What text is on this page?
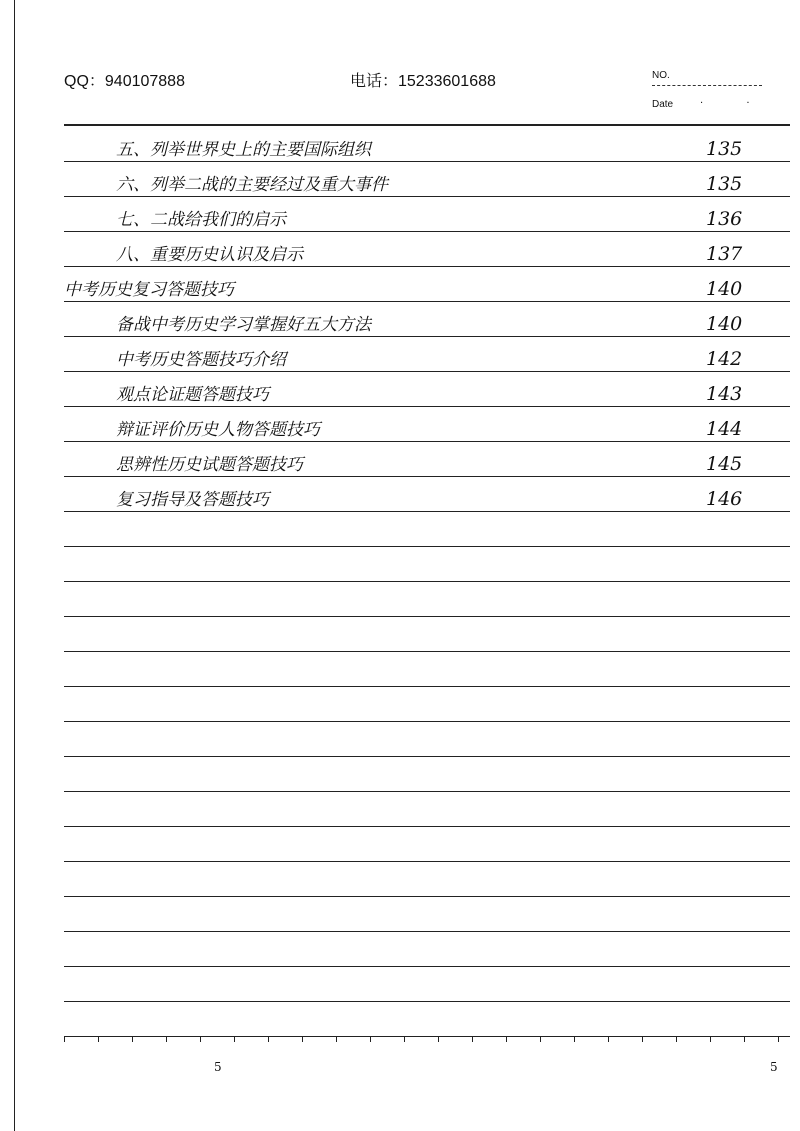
QQ：940107888	电话：15233601688	NO.
Date	· ·
五、列举世界史上的主要国际组织	135
六、列举二战的主要经过及重大事件	135
七、二战给我们的启示	136
八、重要历史认识及启示	137
中考历史复习答题技巧	140
备战中考历史学习掌握好五大方法	140
中考历史答题技巧介绍	142
观点论证题答题技巧	143
辩证评价历史人物答题技巧	144
思辨性历史试题答题技巧	145
复习指导及答题技巧	146
5	5
